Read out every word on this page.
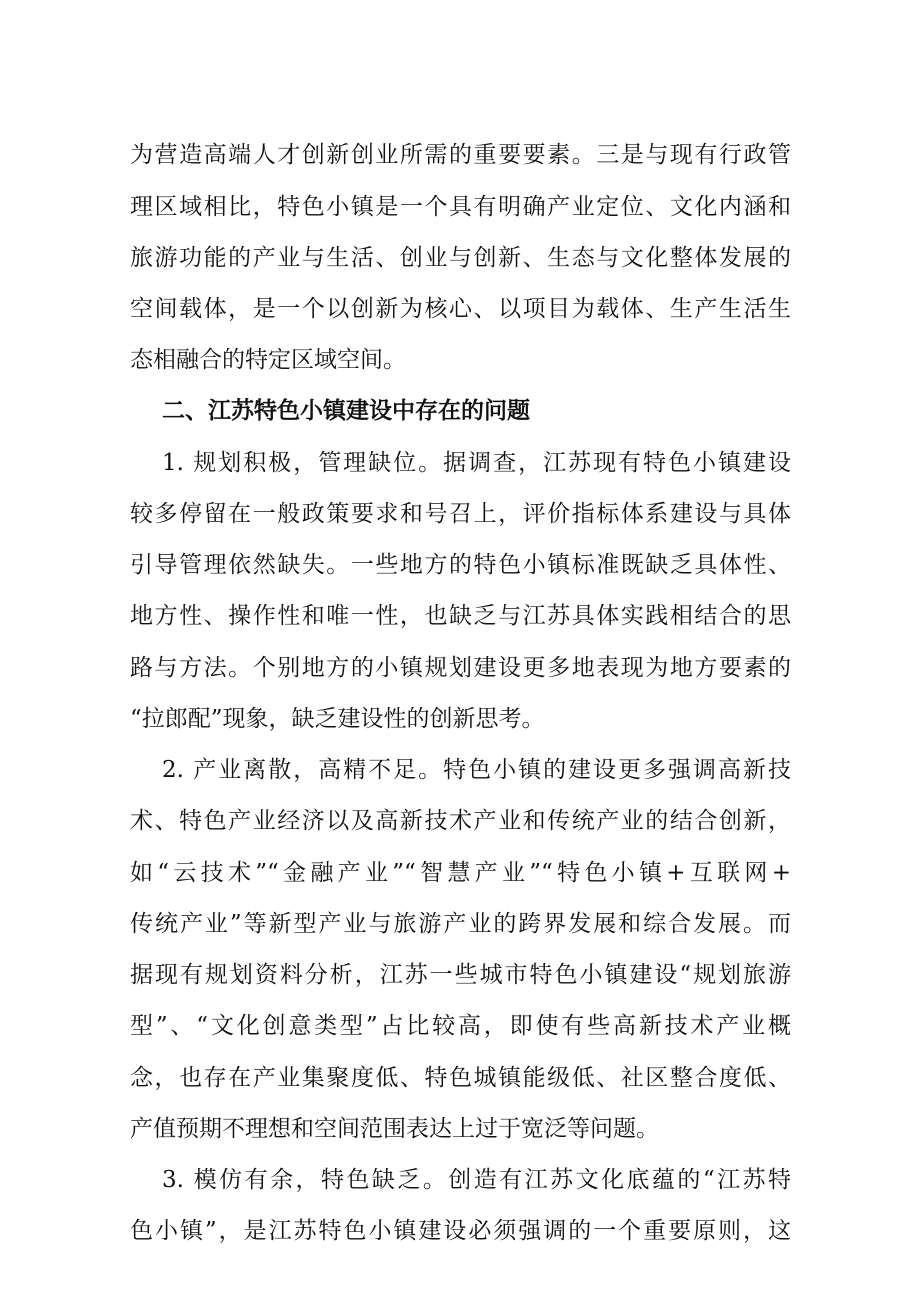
为营造高端人才创新创业所需的重要要素。三是与现有行政管
理区域相比，特色小镇是一个具有明确产业定位、文化内涵和
旅游功能的产业与生活、创业与创新、生态与文化整体发展的
空间载体，是一个以创新为核心、以项目为载体、生产生活生
态相融合的特定区域空间。
二、江苏特色小镇建设中存在的问题
1. 规划积极，管理缺位。据调查，江苏现有特色小镇建设
较多停留在一般政策要求和号召上，评价指标体系建设与具体
引导管理依然缺失。一些地方的特色小镇标准既缺乏具体性、
地方性、操作性和唯一性，也缺乏与江苏具体实践相结合的思
路与方法。个别地方的小镇规划建设更多地表现为地方要素的
“拉郎配”现象，缺乏建设性的创新思考。
2. 产业离散，高精不足。特色小镇的建设更多强调高新技
术、特色产业经济以及高新技术产业和传统产业的结合创新，
如“云技术”“金融产业”“智慧产业”“特色小镇+互联网+
传统产业”等新型产业与旅游产业的跨界发展和综合发展。而
据现有规划资料分析，江苏一些城市特色小镇建设“规划旅游
型”、“文化创意类型”占比较高，即使有些高新技术产业概
念，也存在产业集聚度低、特色城镇能级低、社区整合度低、
产值预期不理想和空间范围表达上过于宽泛等问题。
3. 模仿有余，特色缺乏。创造有江苏文化底蕴的“江苏特
色小镇”，是江苏特色小镇建设必须强调的一个重要原则，这
